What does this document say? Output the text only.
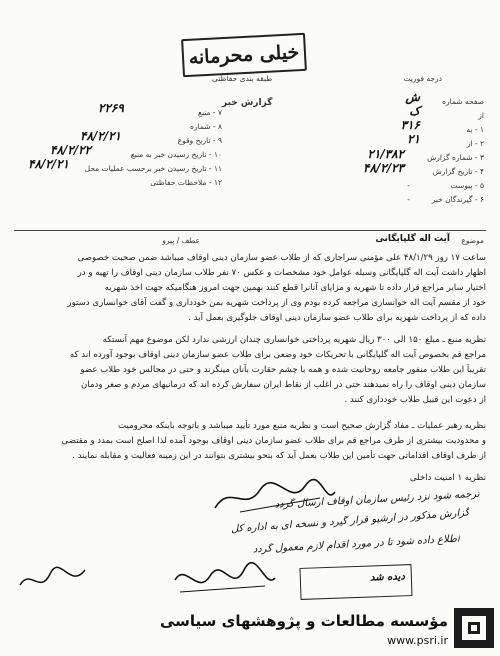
خیلی محرمانه
طبقه بندی حفاظتی	درجه فوریت
گزارش خبر	صفحه شماره
ش
از
ک
۱ - به
۳۱۶
۲ - از
۲۱
۳ - شماره گزارش
۲۱/۳۸۲
۴ - تاریخ گزارش
۴۸/۲/۲۳
۵ - پیوست
-
۶ - گیرندگان خبر
-
۷ - منبع
۲۲۶۹
۸ - شماره
۹ - تاریخ وقوع
۴۸/۲/۲۱
۱۰ - تاریخ رسیدن خبر به منبع
۴۸/۲/۲۲
۱۱ - تاریخ رسیدن خبر برحسب عملیات محل
۴۸/۲/۲۱
۱۲ - ملاحظات حفاظتی
موضوع
آیت اله گلپایگانی
عطف / پیرو
ساعت ۱۷ روز ۴۸/۱/۲۹ علی مؤمنی سراجاری که از طلاب عضو سازمان دینی اوقاف میباشد ضمن صحبت خصوصی
اظهار داشت آیت اله گلپایگانی وسیله عوامل خود مشخصات و عکس ۷۰ نفر طلاب سازمان دینی اوقاف را تهیه و در
اختیار سایر مراجع قرار داده تا شهریه و مزایای آنانرا قطع کنند بهمین جهت امروز هنگامیکه جهت اخذ شهریه
خود از مقسم آیت اله خوانساری مراجعه کرده بودم وی از پرداخت شهریه بمن خودداری و گفت آقای خوانساری دستور
داده که از پرداخت شهریه برای طلاب عضو سازمان دینی اوقاف جلوگیری بعمل آید .
نظریه منبع ـ مبلغ ۱۵۰ الی ۳۰۰ ریال شهریه پرداختی خوانساری چندان ارزشی ندارد لکن موضوع مهم آنستکه
مراجع قم بخصوص آیت اله گلپایگانی با تحریکات خود وضعی برای طلاب عضو سازمان دینی اوقاف بوجود آورده اند که
تقریباً این طلاب منفور جامعه روحانیت شده و همه با چشم حقارت بآنان مینگرند و حتی در مجالس خود طلاب عضو
سازمان دینی اوقاف را راه نمیدهند حتی در اغلب از نقاط ایران سفارش کرده اند که درمانیهای مردم و صغر ودمان
از دعوت این قبیل طلاب خودداری کنند .
نظریه رهبر عملیات ـ مفاد گزارش صحیح است و نظریه منبع مورد تأیید میباشد و باتوجه باینکه محرومیت
و محدودیت بیشتری از طرف مراجع قم برای طلاب عضو سازمان دینی اوقاف بوجود آمده لذا اصلح است بمدد و مقتضی
از طرف اوقاف اقداماتی جهت تأمین این طلاب بعمل آید که بنحو بیشتری بتوانند در این زمینه فعالیت و مقابله نمایند .
نظریه ۱ امنیت داخلی
ترجمه شود نزد رئیس سازمان اوقاف ارسال گردد
گزارش مذکور در آرشیو قرار گیرد و نسخه ای به اداره کل
اطلاع داده شود تا در مورد اقدام لازم معمول گردد
دیده شد
مؤسسه مطالعات و پژوهشهای سیاسی
www.psri.ir
